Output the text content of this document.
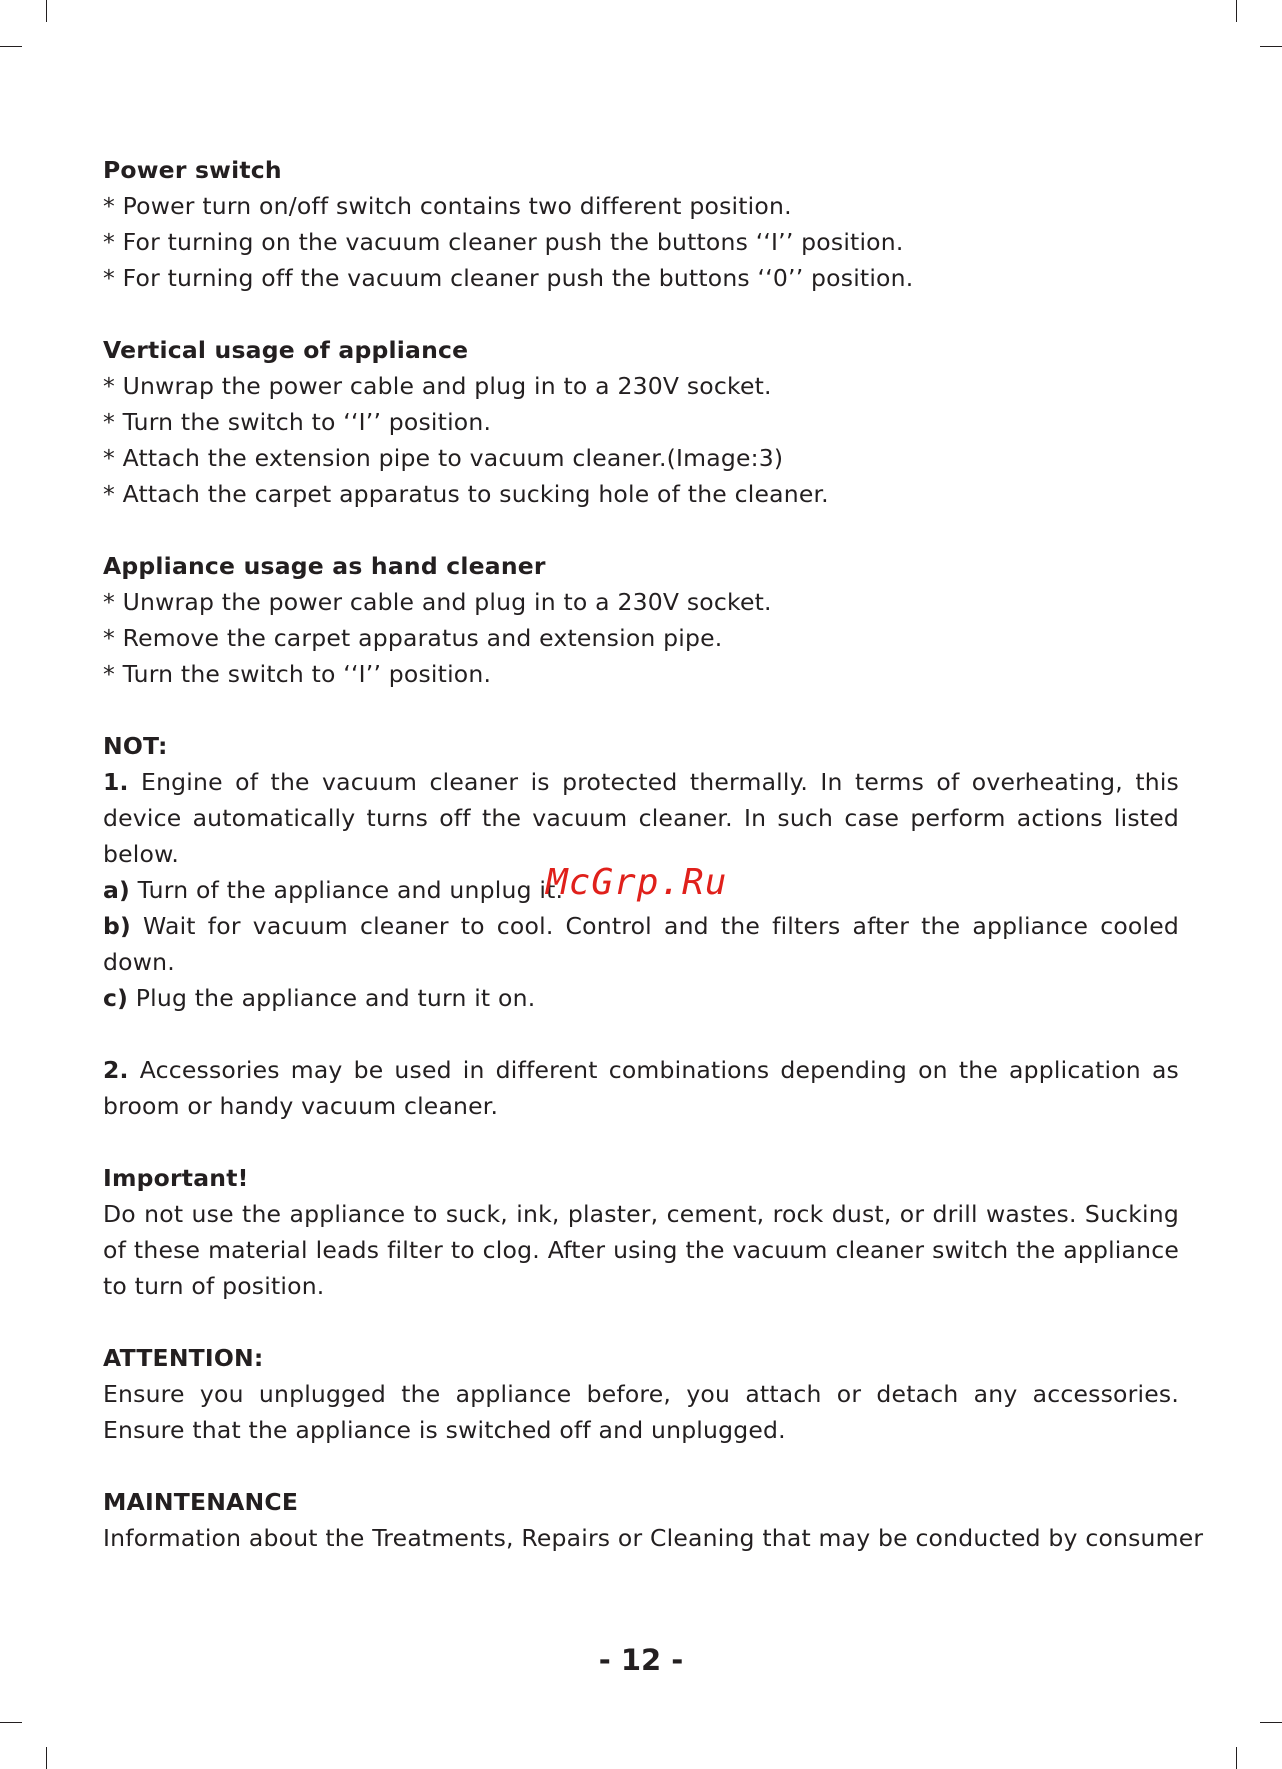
Power switch

* Power turn on/off switch contains two different position.

* For turning on the vacuum cleaner push the buttons ‘‘I’’ position.

* For turning off the vacuum cleaner push the buttons ‘‘0’’ position.

Vertical usage of appliance

* Unwrap the power cable and plug in to a 230V socket.

* Turn the switch to ‘‘I’’ position.

* Attach the extension pipe to vacuum cleaner.(Image:3)

* Attach the carpet apparatus to sucking hole of the cleaner.

Appliance usage as hand cleaner

* Unwrap the power cable and plug in to a 230V socket.

* Remove the carpet apparatus and extension pipe.

* Turn the switch to ‘‘I’’ position.

NOT:

1. Engine of the vacuum cleaner is protected thermally. In terms of overheating, this device automatically turns off the vacuum cleaner. In such case perform actions listed below.

a) Turn of the appliance and unplug it.

b) Wait for vacuum cleaner to cool. Control and the filters after the appliance cooled down.

c) Plug the appliance and turn it on.

2. Accessories may be used in different combinations depending on the application as broom or handy vacuum cleaner.

Important!

Do not use the appliance to suck, ink, plaster, cement, rock dust, or drill wastes. Sucking of these material leads filter to clog. After using the vacuum cleaner switch the appliance to turn of position.

ATTENTION:

Ensure you unplugged the appliance before, you attach or detach any accessories. Ensure that the appliance is switched off and unplugged.

MAINTENANCE

Information about the Treatments, Repairs or Cleaning that may be conducted by consumer

McGrp.Ru
- 12 -
